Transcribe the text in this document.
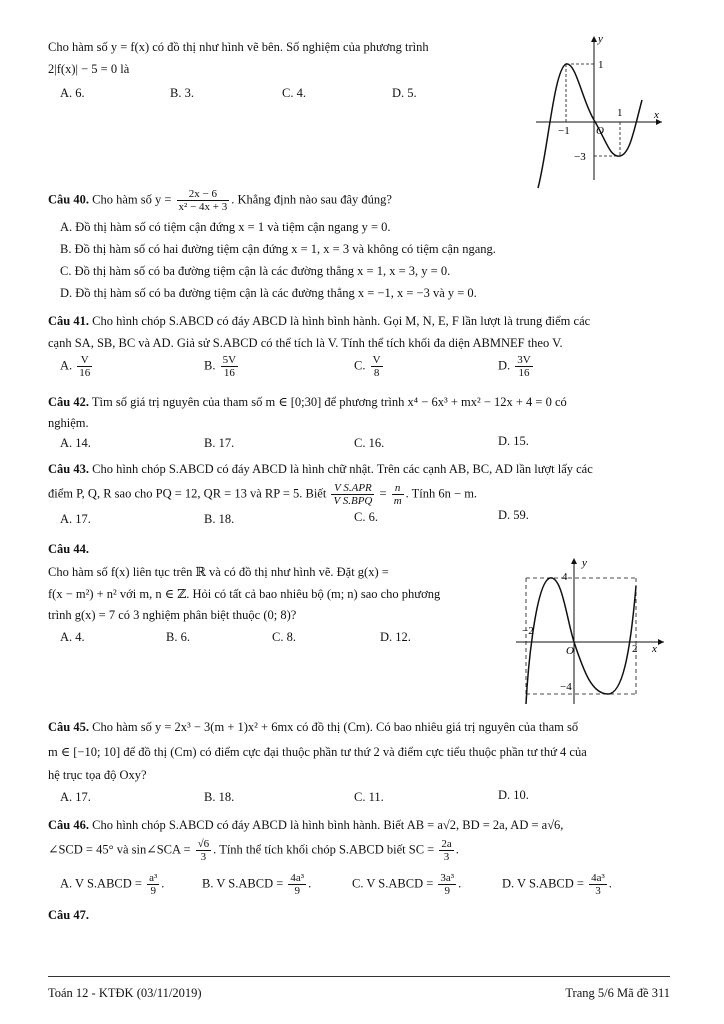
Cho hàm số y = f(x) có đồ thị như hình vẽ bên. Số nghiệm của phương trình
2|f(x)| − 5 = 0 là
A. 6.	B. 3.	C. 4.	D. 5.
y
x
O
−1
1
1
−3
Câu 40. Cho hàm số $y = \frac{2x - 6}{\text{x² − 4x + 3}}$ . Khẳng định nào sau đây đúng?
A. Đồ thị hàm số có tiệm cận đứng x = 1 và tiệm cận ngang y = 0.
B. Đồ thị hàm số có hai đường tiệm cận đứng x = 1, x = 3 và không có tiệm cận ngang.
C. Đồ thị hàm số có ba đường tiệm cận là các đường thẳng x = 1, x = 3, y = 0.
D. Đồ thị hàm số có ba đường tiệm cận là các đường thẳng x = −1, x = −3 và y = 0.
Câu 41. Cho hình chóp S.ABCD có đáy ABCD là hình bình hành. Gọi M, N, E, F lần lượt là trung điểm các
cạnh SA, SB, BC và AD. Giả sử S.ABCD có thể tích là V. Tính thể tích khối đa diện ABMNEF theo V.
A. $\frac{V}{16}$	B. $\frac{5V}{16}$	C. $\frac{V}{8}$	D. $\frac{3V}{16}$
Câu 42. Tìm số giá trị nguyên của tham số m ∈ [0;30] để phương trình x⁴ − 6x³ + mx² − 12x + 4 = 0 có
nghiệm.
A. 14.	B. 17.	C. 16.	D. 15.
Câu 43. Cho hình chóp S.ABCD có đáy ABCD là hình chữ nhật. Trên các cạnh AB, BC, AD lần lượt lấy các
điểm P, Q, R sao cho PQ = 12, QR = 13 và RP = 5. Biết $\frac{\text{V S.APR}}{\text{V S.BPQ}} = \frac{n}{m}$ . Tính 6n − m.
A. 17.	B. 18.	C. 6.	D. 59.
Câu 44.
Cho hàm số f(x) liên tục trên ℝ và có đồ thị như hình vẽ. Đặt g(x) =
f(x − m²) + n² với m, n ∈ ℤ. Hỏi có tất cả bao nhiêu bộ (m; n) sao cho phương
trình g(x) = 7 có 3 nghiệm phân biệt thuộc (0; 8)?
A. 4.	B. 6.	C. 8.	D. 12.
y
x
4
−2
O	2
−4
Câu 45. Cho hàm số y = 2x³ − 3(m + 1)x² + 6mx có đồ thị (Cm). Có bao nhiêu giá trị nguyên của tham số
m ∈ [−10; 10] để đồ thị (Cm) có điểm cực đại thuộc phần tư thứ 2 và điểm cực tiểu thuộc phần tư thứ 4 của
hệ trục tọa độ Oxy?
A. 17.	B. 18.	C. 11.	D. 10.
Câu 46. Cho hình chóp S.ABCD có đáy ABCD là hình bình hành. Biết AB = a√2, BD = 2a, AD = a√6,
∠SCD = 45° và sin∠SCA = $\frac{√6}{3}$ . Tính thể tích khối chóp S.ABCD biết SC = $\frac{2a}{3}$ .
A. V S.ABCD = $\frac{\text{a³}}{9}$ .	B. V S.ABCD = $\frac{\text{4a³}}{9}$ .	C. V S.ABCD = $\frac{\text{3a³}}{9}$ .	D. V S.ABCD = $\frac{\text{4a³}}{3}$ .
Câu 47.
Toán 12 - KTĐK (03/11/2019)	Trang 5/6 Mã đề 311
